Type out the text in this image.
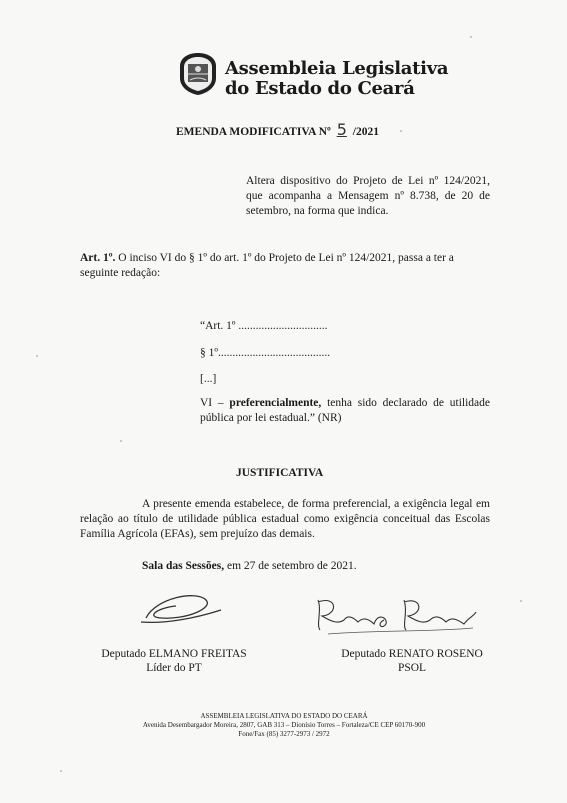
Assembleia Legislativa
do Estado do Ceará
EMENDA MODIFICATIVA Nº 5 /2021
Altera dispositivo do Projeto de Lei nº 124/2021, que acompanha a Mensagem nº 8.738, de 20 de setembro, na forma que indica.
Art. 1º. O inciso VI do § 1º do art. 1º do Projeto de Lei nº 124/2021, passa a ter a seguinte redação:
“Art. 1º ...............................
§ 1º.......................................
[...]
VI – preferencialmente, tenha sido declarado de utilidade pública por lei estadual.” (NR)
JUSTIFICATIVA
A presente emenda estabelece, de forma preferencial, a exigência legal em relação ao título de utilidade pública estadual como exigência conceitual das Escolas Família Agrícola (EFAs), sem prejuízo das demais.
Sala das Sessões, em 27 de setembro de 2021.
Deputado ELMANO FREITAS
Líder do PT
Deputado RENATO ROSENO
PSOL
ASSEMBLEIA LEGISLATIVA DO ESTADO DO CEARÁ
Avenida Desembargador Moreira, 2807, GAB 313 – Dionísio Torres – Fortaleza/CE CEP 60170-900
Fone/Fax (85) 3277-2973 / 2972
